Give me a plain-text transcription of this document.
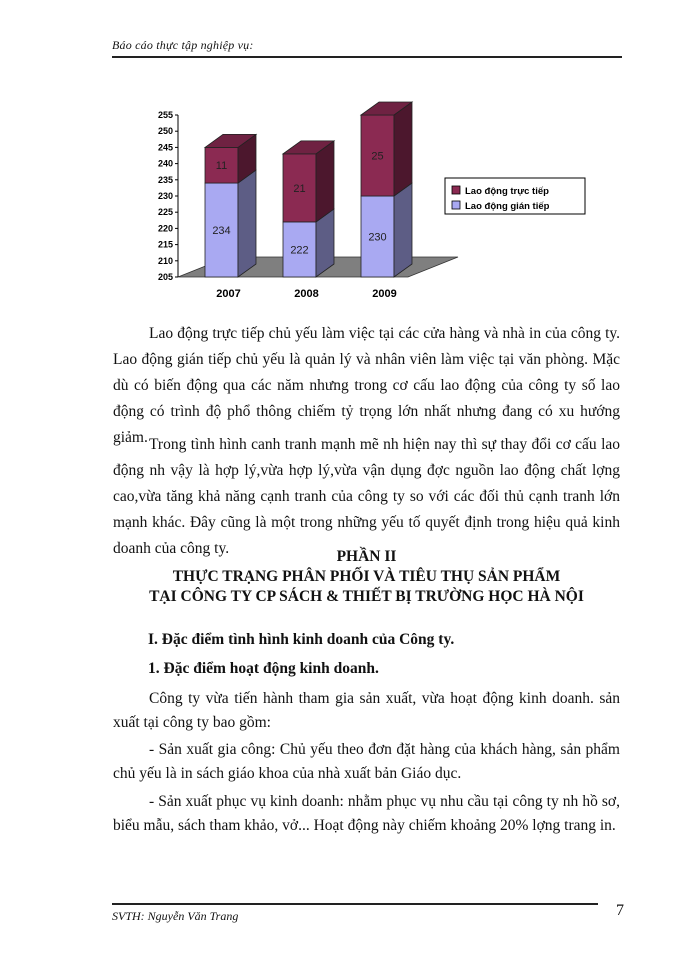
Báo cáo thực tập nghiệp vụ:
205
210
215
220
225
230
235
240
245
250
255
234
11
2007
222
21
2008
230
25
2009
Lao động trực tiếp
Lao động gián tiếp

Lao động trực tiếp chủ yếu làm việc tại các cửa hàng và nhà in của công ty. Lao động gián tiếp chủ yếu là quản lý và nhân viên làm việc tại văn phòng. Mặc dù có biến động qua các năm nhưng trong cơ cấu lao động của công ty số lao động có trình độ phổ thông chiếm tỷ trọng lớn nhất nhưng đang có xu hướng giảm. Trong tình hình canh tranh mạnh mẽ nh hiện nay thì sự thay đổi cơ cấu lao động nh vậy là hợp lý,vừa hợp lý,vừa vận dụng đợc nguồn lao động chất lợng cao,vừa tăng khả năng cạnh tranh của công ty so với các đối thủ cạnh tranh lớn mạnh khác. Đây cũng là một trong những yếu tố quyết định trong hiệu quả kinh doanh của công ty.	PHẦN II
THỰC TRẠNG PHÂN PHỐI VÀ TIÊU THỤ SẢN PHẨM
TẠI CÔNG TY CP SÁCH & THIẾT BỊ TRƯỜNG HỌC HÀ NỘI
I. Đặc điểm tình hình kinh doanh của Công ty.
1. Đặc điểm hoạt động kinh doanh.

Công ty vừa tiến hành tham gia sản xuất, vừa hoạt động kinh doanh. sản xuất tại công ty bao gồm:

- Sản xuất gia công: Chủ yếu theo đơn đặt hàng của khách hàng, sản phẩm chủ yếu là in sách giáo khoa của nhà xuất bản Giáo dục.

- Sản xuất phục vụ kinh doanh: nhằm phục vụ nhu cầu tại công ty nh hồ sơ, biểu mẫu, sách tham khảo, vở... Hoạt động này chiếm khoảng 20% lợng trang in.

SVTH: Nguyễn Văn Trang	7
